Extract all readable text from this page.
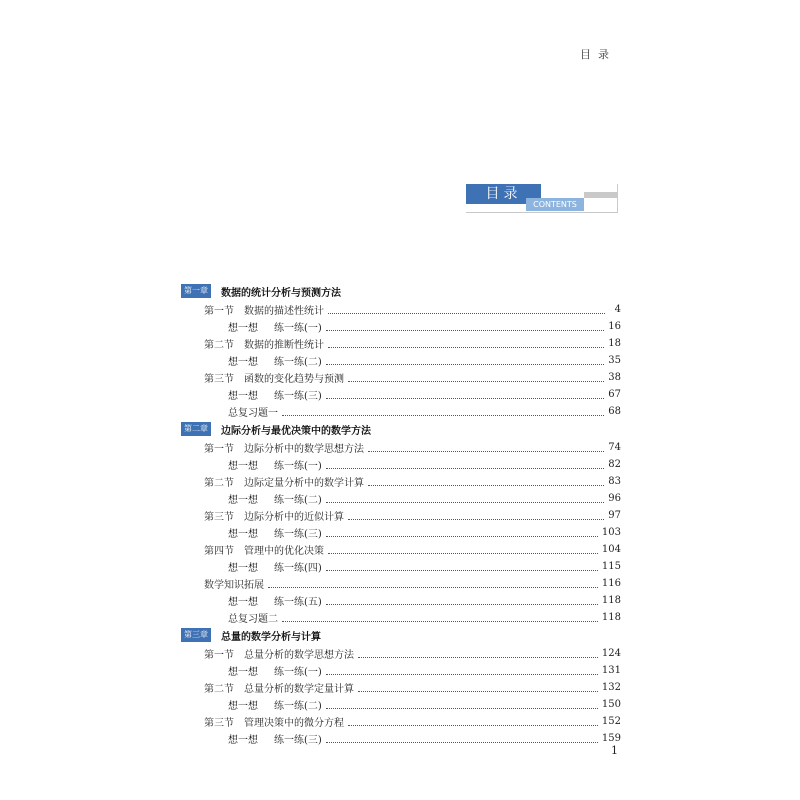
目录
目录
CONTENTS
第一章	数据的统计分析与预测方法
第一节 数据的描述性统计	4
想一想 练一练(一)	16
第二节 数据的推断性统计	18
想一想 练一练(二)	35
第三节 函数的变化趋势与预测	38
想一想 练一练(三)	67
总复习题一	68
第二章	边际分析与最优决策中的数学方法
第一节 边际分析中的数学思想方法	74
想一想 练一练(一)	82
第二节 边际定量分析中的数学计算	83
想一想 练一练(二)	96
第三节 边际分析中的近似计算	97
想一想 练一练(三)	103
第四节 管理中的优化决策	104
想一想 练一练(四)	115
数学知识拓展	116
想一想 练一练(五)	118
总复习题二	118
第三章	总量的数学分析与计算
第一节 总量分析的数学思想方法	124
想一想 练一练(一)	131
第二节 总量分析的数学定量计算	132
想一想 练一练(二)	150
第三节 管理决策中的微分方程	152
想一想 练一练(三)	159
1
